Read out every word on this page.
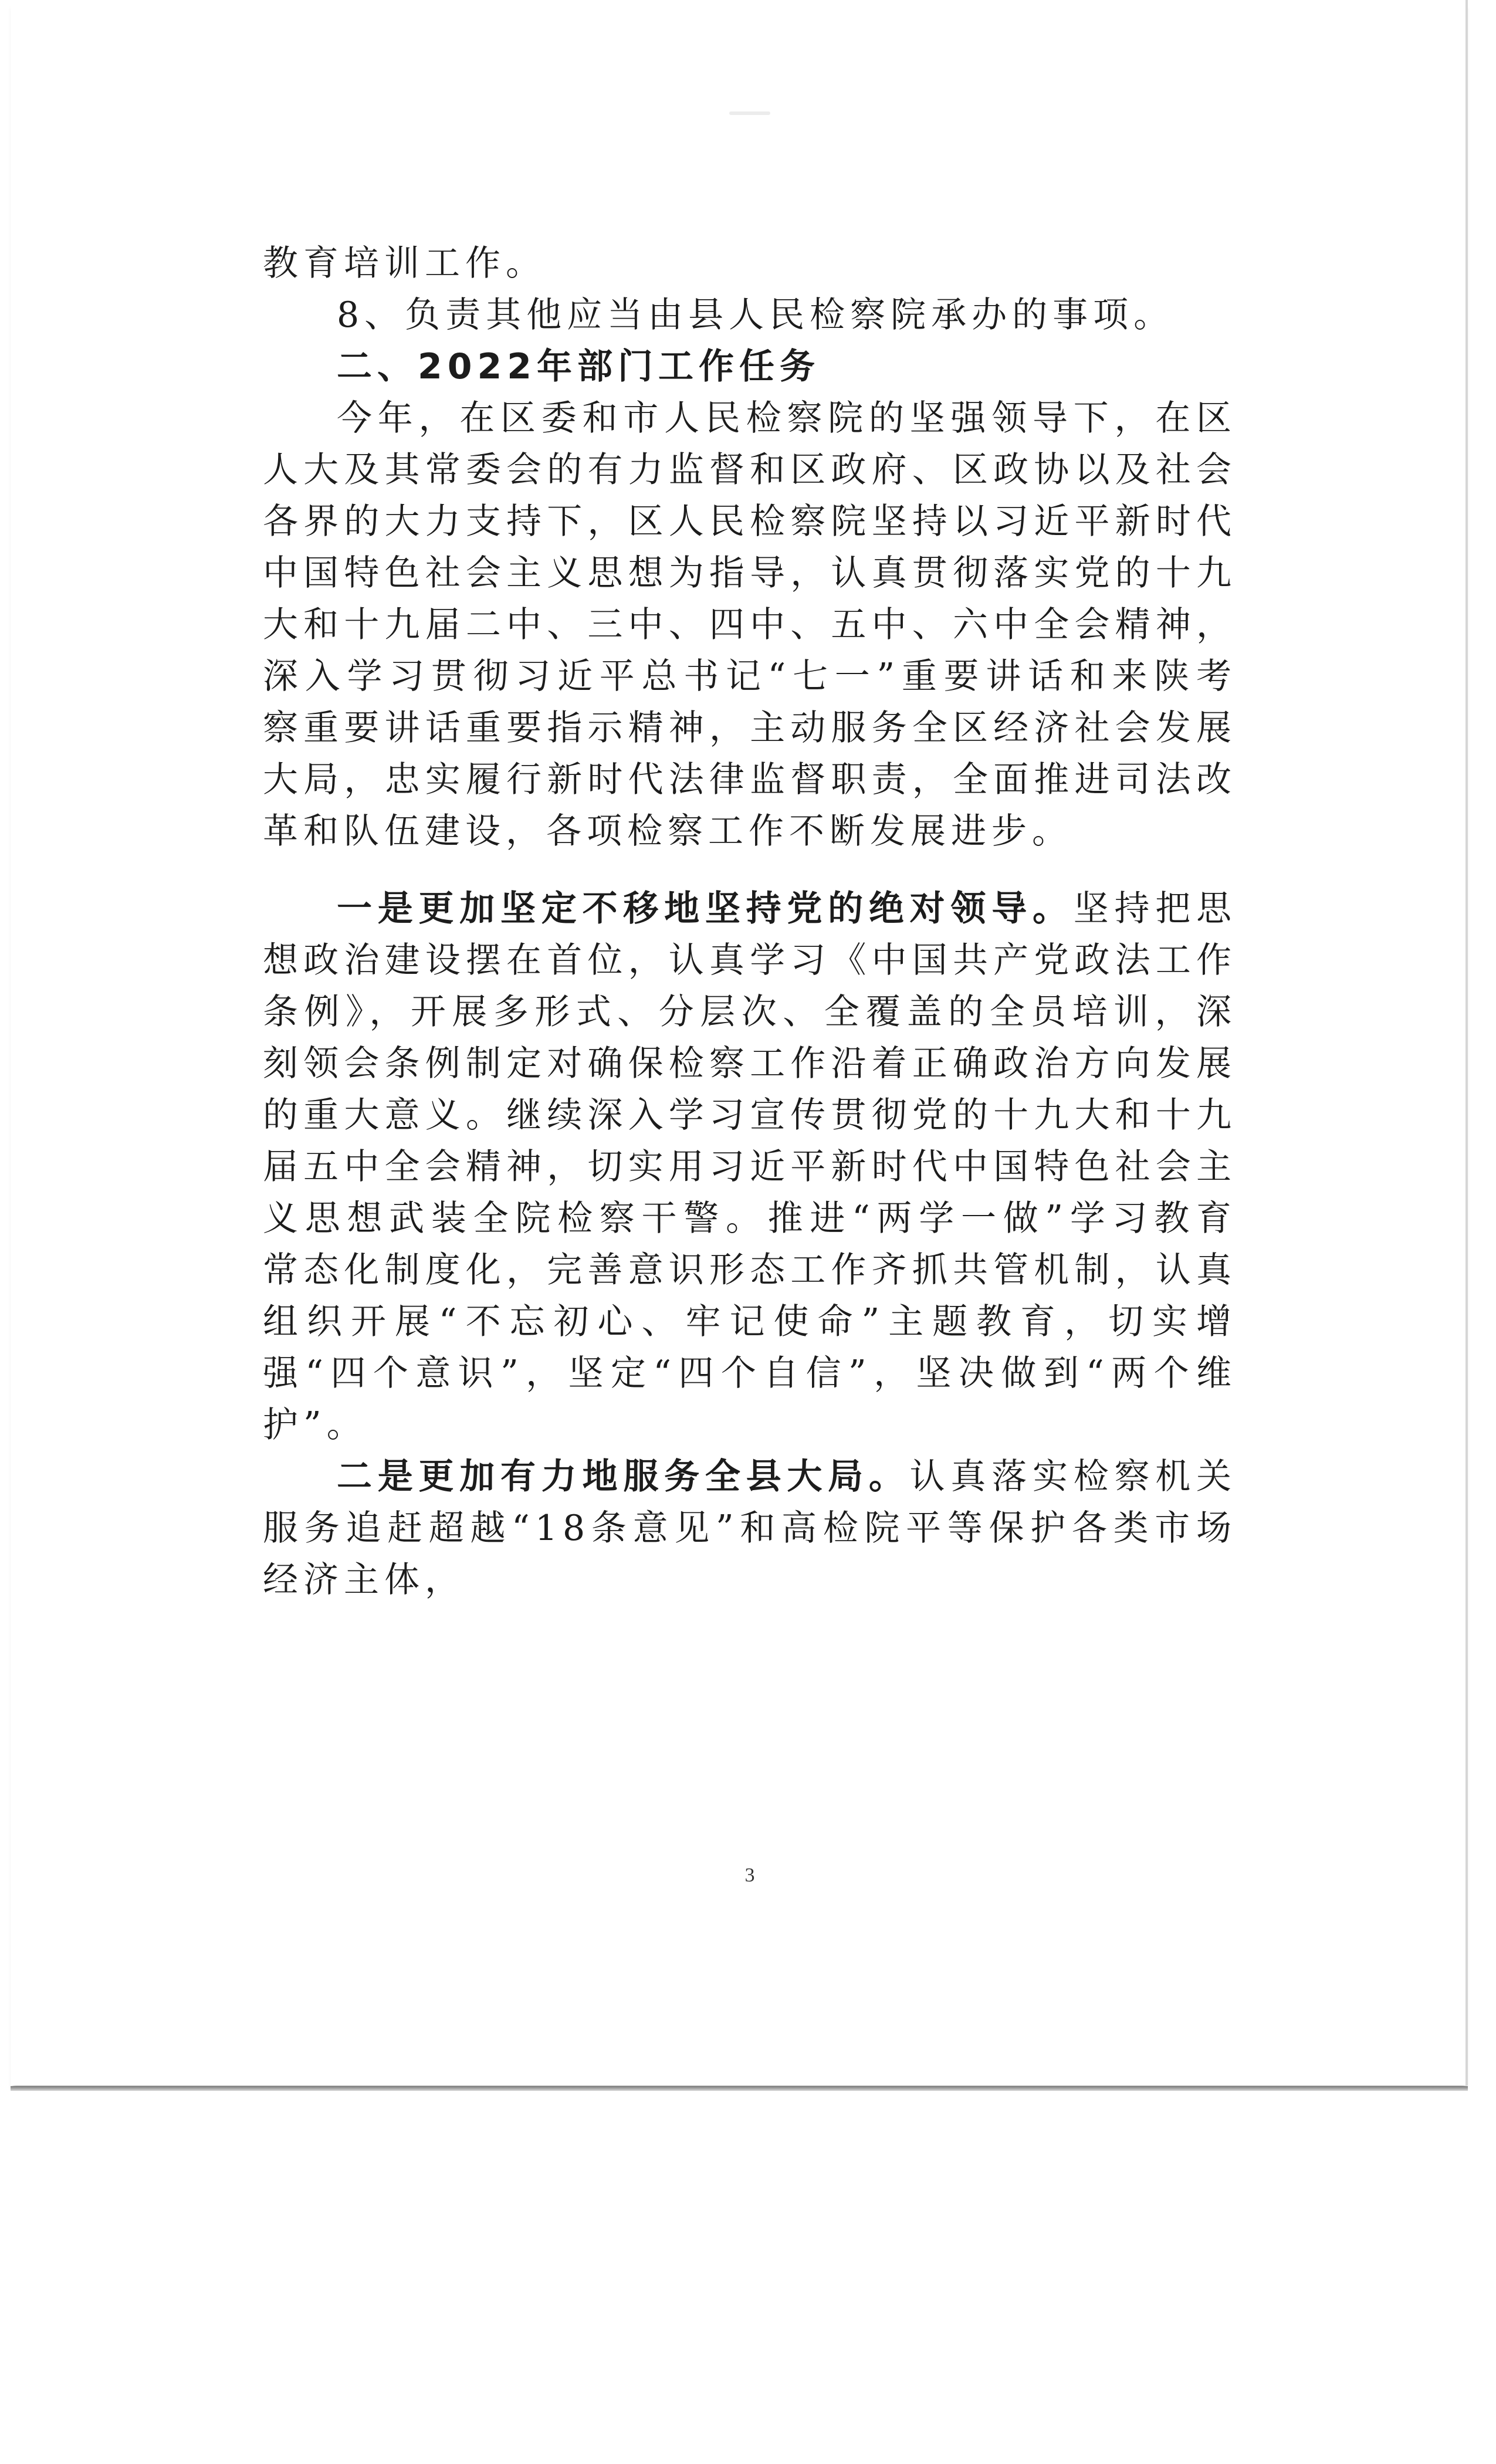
教育培训工作。

8、负责其他应当由县人民检察院承办的事项。

二、2022年部门工作任务

今年，在区委和市人民检察院的坚强领导下，在区人大及其常委会的有力监督和区政府、区政协以及社会各界的大力支持下，区人民检察院坚持以习近平新时代中国特色社会主义思想为指导，认真贯彻落实党的十九大和十九届二中、三中、四中、五中、六中全会精神，深入学习贯彻习近平总书记“七一”重要讲话和来陕考察重要讲话重要指示精神，主动服务全区经济社会发展大局，忠实履行新时代法律监督职责，全面推进司法改革和队伍建设，各项检察工作不断发展进步。

一是更加坚定不移地坚持党的绝对领导。坚持把思想政治建设摆在首位，认真学习《中国共产党政法工作条例》，开展多形式、分层次、全覆盖的全员培训，深刻领会条例制定对确保检察工作沿着正确政治方向发展的重大意义。继续深入学习宣传贯彻党的十九大和十九届五中全会精神，切实用习近平新时代中国特色社会主义思想武装全院检察干警。推进“两学一做”学习教育常态化制度化，完善意识形态工作齐抓共管机制，认真组织开展“不忘初心、牢记使命”主题教育，切实增强“四个意识”，坚定“四个自信”，坚决做到“两个维护”。

二是更加有力地服务全县大局。认真落实检察机关服务追赶超越“18条意见”和高检院平等保护各类市场经济主体，

3
